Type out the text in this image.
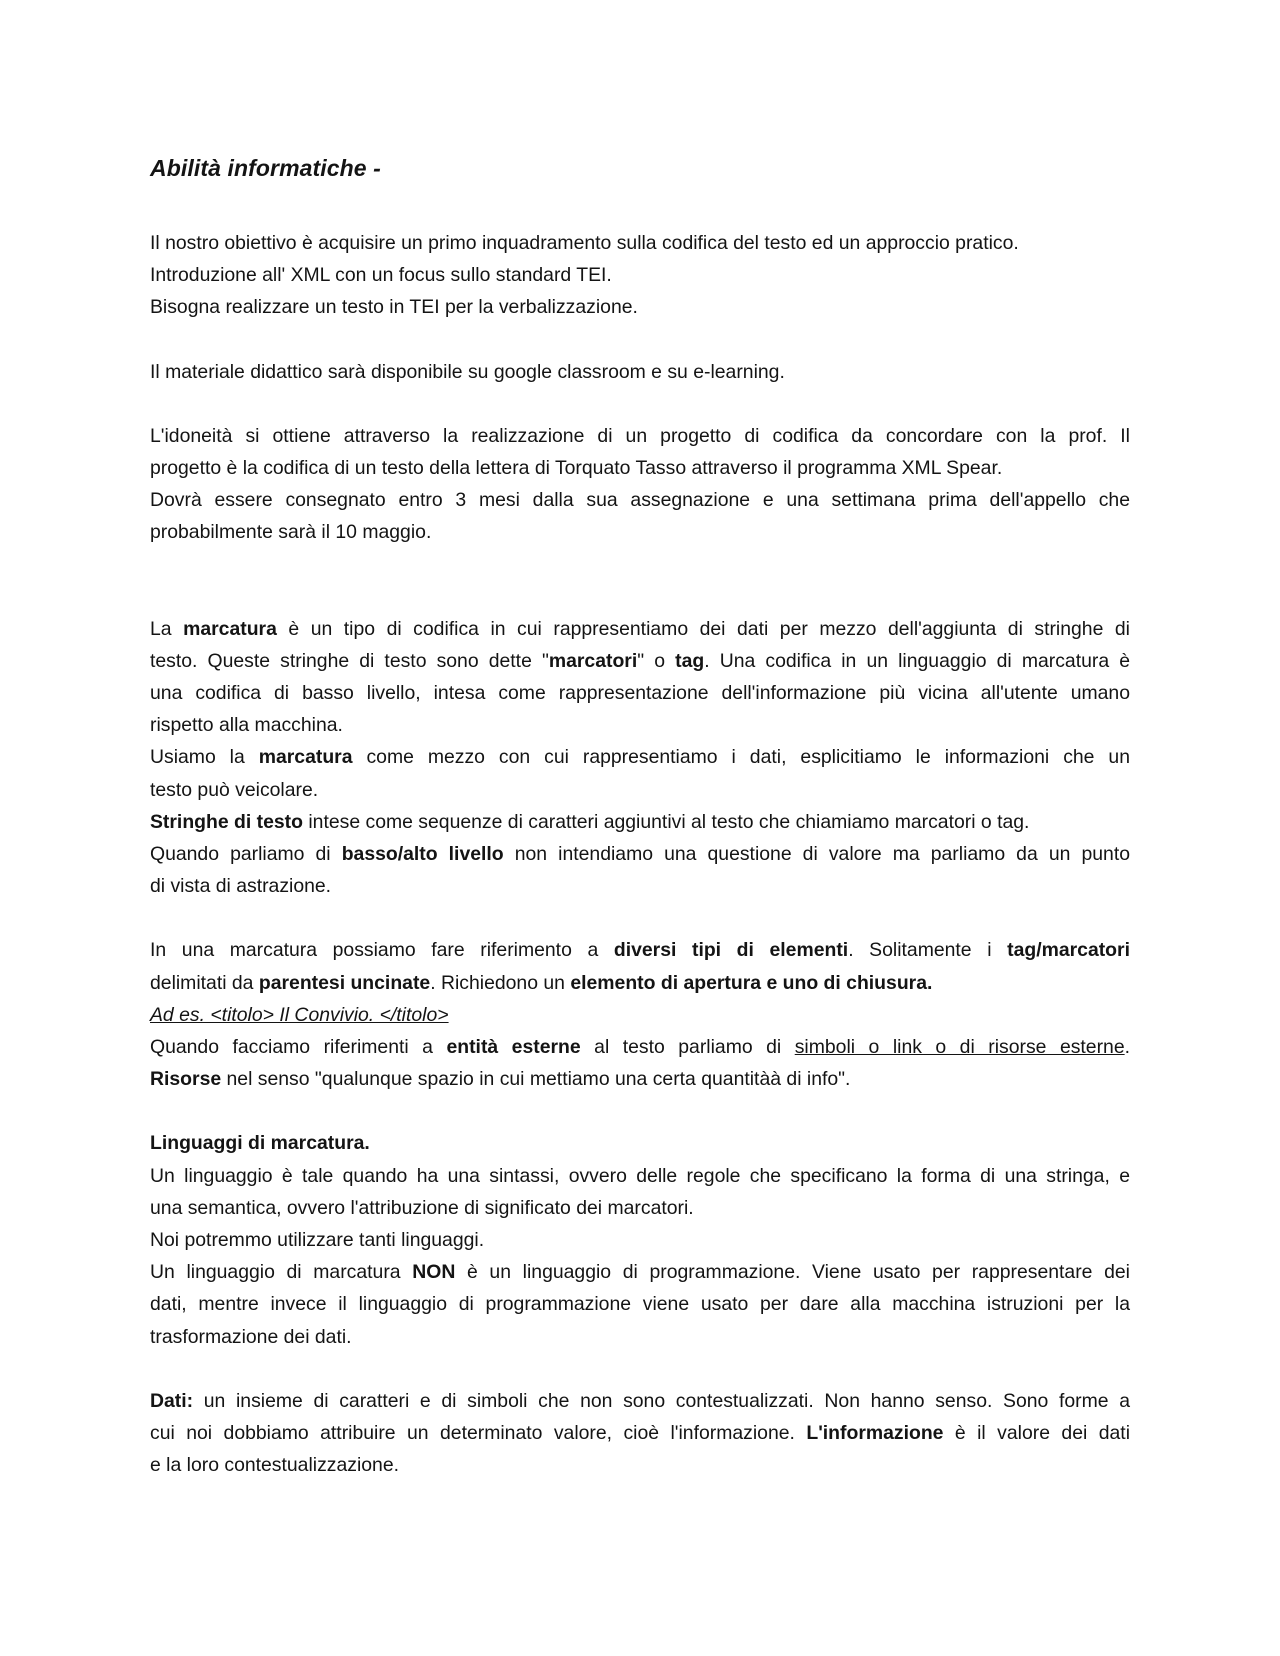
Abilità informatiche -
Il nostro obiettivo è acquisire un primo inquadramento sulla codifica del testo ed un approccio pratico.
Introduzione all' XML con un focus sullo standard TEI.
Bisogna realizzare un testo in TEI per la verbalizzazione.
Il materiale didattico sarà disponibile su google classroom e su e-learning.
L'idoneità si ottiene attraverso la realizzazione di un progetto di codifica da concordare con la prof. Il
progetto è la codifica di un testo della lettera di Torquato Tasso attraverso il programma XML Spear.
Dovrà essere consegnato entro 3 mesi dalla sua assegnazione e una settimana prima dell'appello che
probabilmente sarà il 10 maggio.
La marcatura è un tipo di codifica in cui rappresentiamo dei dati per mezzo dell'aggiunta di stringhe di
testo. Queste stringhe di testo sono dette "marcatori" o tag. Una codifica in un linguaggio di marcatura è
una codifica di basso livello, intesa come rappresentazione dell'informazione più vicina all'utente umano
rispetto alla macchina.
Usiamo la marcatura come mezzo con cui rappresentiamo i dati, esplicitiamo le informazioni che un
testo può veicolare.
Stringhe di testo intese come sequenze di caratteri aggiuntivi al testo che chiamiamo marcatori o tag.
Quando parliamo di basso/alto livello non intendiamo una questione di valore ma parliamo da un punto
di vista di astrazione.
In una marcatura possiamo fare riferimento a diversi tipi di elementi. Solitamente i tag/marcatori
delimitati da parentesi uncinate. Richiedono un elemento di apertura e uno di chiusura.
Ad es. <titolo> Il Convivio. </titolo>
Quando facciamo riferimenti a entità esterne al testo parliamo di simboli o link o di risorse esterne.
Risorse nel senso "qualunque spazio in cui mettiamo una certa quantitàà di info".
Linguaggi di marcatura.
Un linguaggio è tale quando ha una sintassi, ovvero delle regole che specificano la forma di una stringa, e
una semantica, ovvero l'attribuzione di significato dei marcatori.
Noi potremmo utilizzare tanti linguaggi.
Un linguaggio di marcatura NON è un linguaggio di programmazione. Viene usato per rappresentare dei
dati, mentre invece il linguaggio di programmazione viene usato per dare alla macchina istruzioni per la
trasformazione dei dati.
Dati: un insieme di caratteri e di simboli che non sono contestualizzati. Non hanno senso. Sono forme a
cui noi dobbiamo attribuire un determinato valore, cioè l'informazione. L'informazione è il valore dei dati
e la loro contestualizzazione.
